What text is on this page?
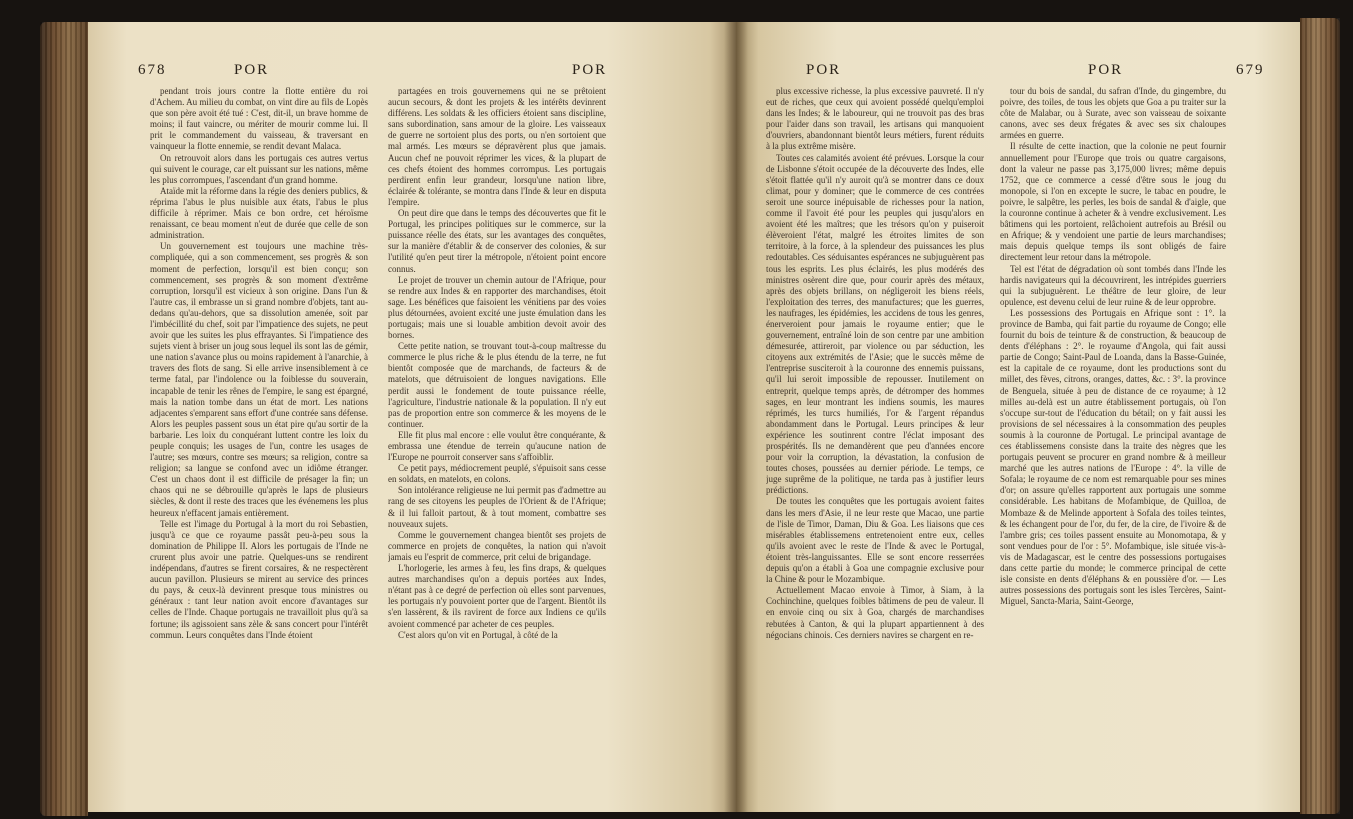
678	POR	POR

pendant trois jours contre la flotte entière du roi d'Achem. Au milieu du combat, on vint dire au fils de Lopès que son père avoit été tué : C'est, dit-il, un brave homme de moins; il faut vaincre, ou mériter de mourir comme lui. Il prit le commandement du vaisseau, & traversant en vainqueur la flotte ennemie, se rendit devant Malaca.

On retrouvoit alors dans les portugais ces autres vertus qui suivent le courage, car elt puissant sur les nations, même les plus corrompues, l'ascendant d'un grand homme.

Ataïde mit la réforme dans la régie des deniers publics, & réprima l'abus le plus nuisible aux états, l'abus le plus difficile à réprimer. Mais ce bon ordre, cet héroïsme renaissant, ce beau moment n'eut de durée que celle de son administration.

Un gouvernement est toujours une machine très-compliquée, qui a son commencement, ses progrès & son moment de perfection, lorsqu'il est bien conçu; son commencement, ses progrès & son moment d'extrême corruption, lorsqu'il est vicieux à son origine. Dans l'un & l'autre cas, il embrasse un si grand nombre d'objets, tant au-dedans qu'au-dehors, que sa dissolution amenée, soit par l'imbécillité du chef, soit par l'impatience des sujets, ne peut avoir que les suites les plus effrayantes. Si l'impatience des sujets vient à briser un joug sous lequel ils sont las de gémir, une nation s'avance plus ou moins rapidement à l'anarchie, à travers des flots de sang. Si elle arrive insensiblement à ce terme fatal, par l'indolence ou la foiblesse du souverain, incapable de tenir les rênes de l'empire, le sang est épargné, mais la nation tombe dans un état de mort. Les nations adjacentes s'emparent sans effort d'une contrée sans défense. Alors les peuples passent sous un état pire qu'au sortir de la barbarie. Les loix du conquérant luttent contre les loix du peuple conquis; les usages de l'un, contre les usages de l'autre; ses mœurs, contre ses mœurs; sa religion, contre sa religion; sa langue se confond avec un idiôme étranger. C'est un chaos dont il est difficile de présager la fin; un chaos qui ne se débrouille qu'après le laps de plusieurs siècles, & dont il reste des traces que les événemens les plus heureux n'effacent jamais entièrement.

Telle est l'image du Portugal à la mort du roi Sebastien, jusqu'à ce que ce royaume passât peu-à-peu sous la domination de Philippe II. Alors les portugais de l'Inde ne crurent plus avoir une patrie. Quelques-uns se rendirent indépendans, d'autres se firent corsaires, & ne respectèrent aucun pavillon. Plusieurs se mirent au service des princes du pays, & ceux-là devinrent presque tous ministres ou généraux : tant leur nation avoit encore d'avantages sur celles de l'Inde. Chaque portugais ne travailloit plus qu'à sa fortune; ils agissoient sans zèle & sans concert pour l'intérêt commun. Leurs conquêtes dans l'Inde étoient

partagées en trois gouvernemens qui ne se prêtoient aucun secours, & dont les projets & les intérêts devinrent différens. Les soldats & les officiers étoient sans discipline, sans subordination, sans amour de la gloire. Les vaisseaux de guerre ne sortoient plus des ports, ou n'en sortoient que mal armés. Les mœurs se dépravèrent plus que jamais. Aucun chef ne pouvoit réprimer les vices, & la plupart de ces chefs étoient des hommes corrompus. Les portugais perdirent enfin leur grandeur, lorsqu'une nation libre, éclairée & tolérante, se montra dans l'Inde & leur en disputa l'empire.

On peut dire que dans le temps des découvertes que fit le Portugal, les principes politiques sur le commerce, sur la puissance réelle des états, sur les avantages des conquêtes, sur la manière d'établir & de conserver des colonies, & sur l'utilité qu'en peut tirer la métropole, n'étoient point encore connus.

Le projet de trouver un chemin autour de l'Afrique, pour se rendre aux Indes & en rapporter des marchandises, étoit sage. Les bénéfices que faisoient les vénitiens par des voies plus détournées, avoient excité une juste émulation dans les portugais; mais une si louable ambition devoit avoir des bornes.

Cette petite nation, se trouvant tout-à-coup maîtresse du commerce le plus riche & le plus étendu de la terre, ne fut bientôt composée que de marchands, de facteurs & de matelots, que détruisoient de longues navigations. Elle perdit aussi le fondement de toute puissance réelle, l'agriculture, l'industrie nationale & la population. Il n'y eut pas de proportion entre son commerce & les moyens de le continuer.

Elle fit plus mal encore : elle voulut être conquérante, & embrassa une étendue de terrein qu'aucune nation de l'Europe ne pourroit conserver sans s'affoiblir.

Ce petit pays, médiocrement peuplé, s'épuisoit sans cesse en soldats, en matelots, en colons.

Son intolérance religieuse ne lui permit pas d'admettre au rang de ses citoyens les peuples de l'Orient & de l'Afrique; & il lui falloit partout, & à tout moment, combattre ses nouveaux sujets.

Comme le gouvernement changea bientôt ses projets de commerce en projets de conquêtes, la nation qui n'avoit jamais eu l'esprit de commerce, prit celui de brigandage.

L'horlogerie, les armes à feu, les fins draps, & quelques autres marchandises qu'on a depuis portées aux Indes, n'étant pas à ce degré de perfection où elles sont parvenues, les portugais n'y pouvoient porter que de l'argent. Bientôt ils s'en lassèrent, & ils ravirent de force aux Indiens ce qu'ils avoient commencé par acheter de ces peuples.

C'est alors qu'on vit en Portugal, à côté de la

POR	POR	679

plus excessive richesse, la plus excessive pauvreté. Il n'y eut de riches, que ceux qui avoient possédé quelqu'emploi dans les Indes; & le laboureur, qui ne trouvoit pas des bras pour l'aider dans son travail, les artisans qui manquoient d'ouvriers, abandonnant bientôt leurs métiers, furent réduits à la plus extrême misère.

Toutes ces calamités avoient été prévues. Lorsque la cour de Lisbonne s'étoit occupée de la découverte des Indes, elle s'étoit flattée qu'il n'y auroit qu'à se montrer dans ce doux climat, pour y dominer; que le commerce de ces contrées seroit une source inépuisable de richesses pour la nation, comme il l'avoit été pour les peuples qui jusqu'alors en avoient été les maîtres; que les trésors qu'on y puiseroit élèveroient l'état, malgré les étroites limites de son territoire, à la force, à la splendeur des puissances les plus redoutables. Ces séduisantes espérances ne subjuguèrent pas tous les esprits. Les plus éclairés, les plus modérés des ministres osèrent dire que, pour courir après des métaux, après des objets brillans, on négligeroit les biens réels, l'exploitation des terres, des manufactures; que les guerres, les naufrages, les épidémies, les accidens de tous les genres, énerveroient pour jamais le royaume entier; que le gouvernement, entraîné loin de son centre par une ambition démesurée, attireroit, par violence ou par séduction, les citoyens aux extrémités de l'Asie; que le succès même de l'entreprise susciteroit à la couronne des ennemis puissans, qu'il lui seroit impossible de repousser. Inutilement on entreprit, quelque temps après, de détromper des hommes sages, en leur montrant les indiens soumis, les maures réprimés, les turcs humiliés, l'or & l'argent répandus abondamment dans le Portugal. Leurs principes & leur expérience les soutinrent contre l'éclat imposant des prospérités. Ils ne demandèrent que peu d'années encore pour voir la corruption, la dévastation, la confusion de toutes choses, poussées au dernier période. Le temps, ce juge suprême de la politique, ne tarda pas à justifier leurs prédictions.

De toutes les conquêtes que les portugais avoient faites dans les mers d'Asie, il ne leur reste que Macao, une partie de l'isle de Timor, Daman, Diu & Goa. Les liaisons que ces misérables établissemens entretenoient entre eux, celles qu'ils avoient avec le reste de l'Inde & avec le Portugal, étoient très-languissantes. Elle se sont encore resserrées depuis qu'on a établi à Goa une compagnie exclusive pour la Chine & pour le Mozambique.

Actuellement Macao envoie à Timor, à Siam, à la Cochinchine, quelques foibles bâtimens de peu de valeur. Il en envoie cinq ou six à Goa, chargés de marchandises rebutées à Canton, & qui la plupart appartiennent à des négocians chinois. Ces derniers navires se chargent en re-

tour du bois de sandal, du safran d'Inde, du gingembre, du poivre, des toiles, de tous les objets que Goa a pu traiter sur la côte de Malabar, ou à Surate, avec son vaisseau de soixante canons, avec ses deux frégates & avec ses six chaloupes armées en guerre.

Il résulte de cette inaction, que la colonie ne peut fournir annuellement pour l'Europe que trois ou quatre cargaisons, dont la valeur ne passe pas 3,175,000 livres; même depuis 1752, que ce commerce a cessé d'être sous le joug du monopole, si l'on en excepte le sucre, le tabac en poudre, le poivre, le salpêtre, les perles, les bois de sandal & d'aigle, que la couronne continue à acheter & à vendre exclusivement. Les bâtimens qui les portoient, relâchoient autrefois au Brésil ou en Afrique; & y vendoient une partie de leurs marchandises; mais depuis quelque temps ils sont obligés de faire directement leur retour dans la métropole.

Tel est l'état de dégradation où sont tombés dans l'Inde les hardis navigateurs qui la découvrirent, les intrépides guerriers qui la subjuguèrent. Le théâtre de leur gloire, de leur opulence, est devenu celui de leur ruine & de leur opprobre.

Les possessions des Portugais en Afrique sont : 1°. la province de Bamba, qui fait partie du royaume de Congo; elle fournit du bois de teinture & de construction, & beaucoup de dents d'éléphans : 2°. le royaume d'Angola, qui fait aussi partie de Congo; Saint-Paul de Loanda, dans la Basse-Guinée, est la capitale de ce royaume, dont les productions sont du millet, des fèves, citrons, oranges, dattes, &c. : 3°. la province de Benguela, située à peu de distance de ce royaume; à 12 milles au-delà est un autre établissement portugais, où l'on s'occupe sur-tout de l'éducation du bétail; on y fait aussi les provisions de sel nécessaires à la consommation des peuples soumis à la couronne de Portugal. Le principal avantage de ces établissemens consiste dans la traite des nègres que les portugais peuvent se procurer en grand nombre & à meilleur marché que les autres nations de l'Europe : 4°. la ville de Sofala; le royaume de ce nom est remarquable pour ses mines d'or; on assure qu'elles rapportent aux portugais une somme considérable. Les habitans de Mofambique, de Quilloa, de Mombaze & de Melinde apportent à Sofala des toiles teintes, & les échangent pour de l'or, du fer, de la cire, de l'ivoire & de l'ambre gris; ces toiles passent ensuite au Monomotapa, & y sont vendues pour de l'or : 5°. Mofambique, isle située vis-à-vis de Madagascar, est le centre des possessions portugaises dans cette partie du monde; le commerce principal de cette isle consiste en dents d'éléphans & en poussière d'or. — Les autres possessions des portugais sont les isles Tercères, Saint-Miguel, Sancta-Maria, Saint-George,
